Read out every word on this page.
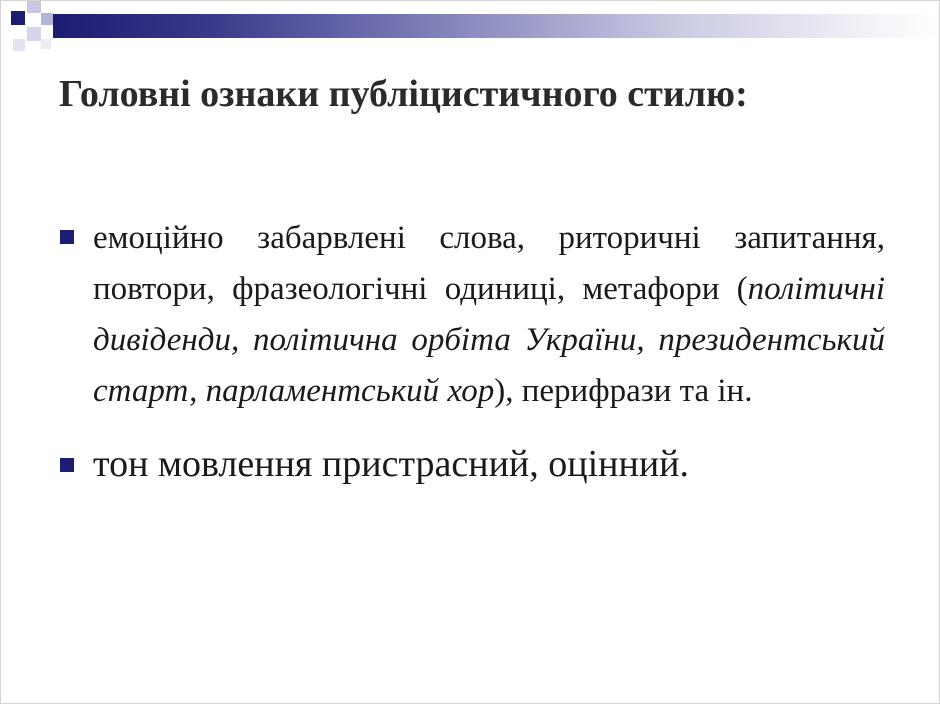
Головні ознаки публіцистичного стилю:
емоційно забарвлені слова, риторичні запитання, повтори, фразеологічні одиниці, метафори (політичні дивіденди, політична орбіта України, президентський старт, парламентський хор), перифрази та ін.
тон мовлення пристрасний, оцінний.
